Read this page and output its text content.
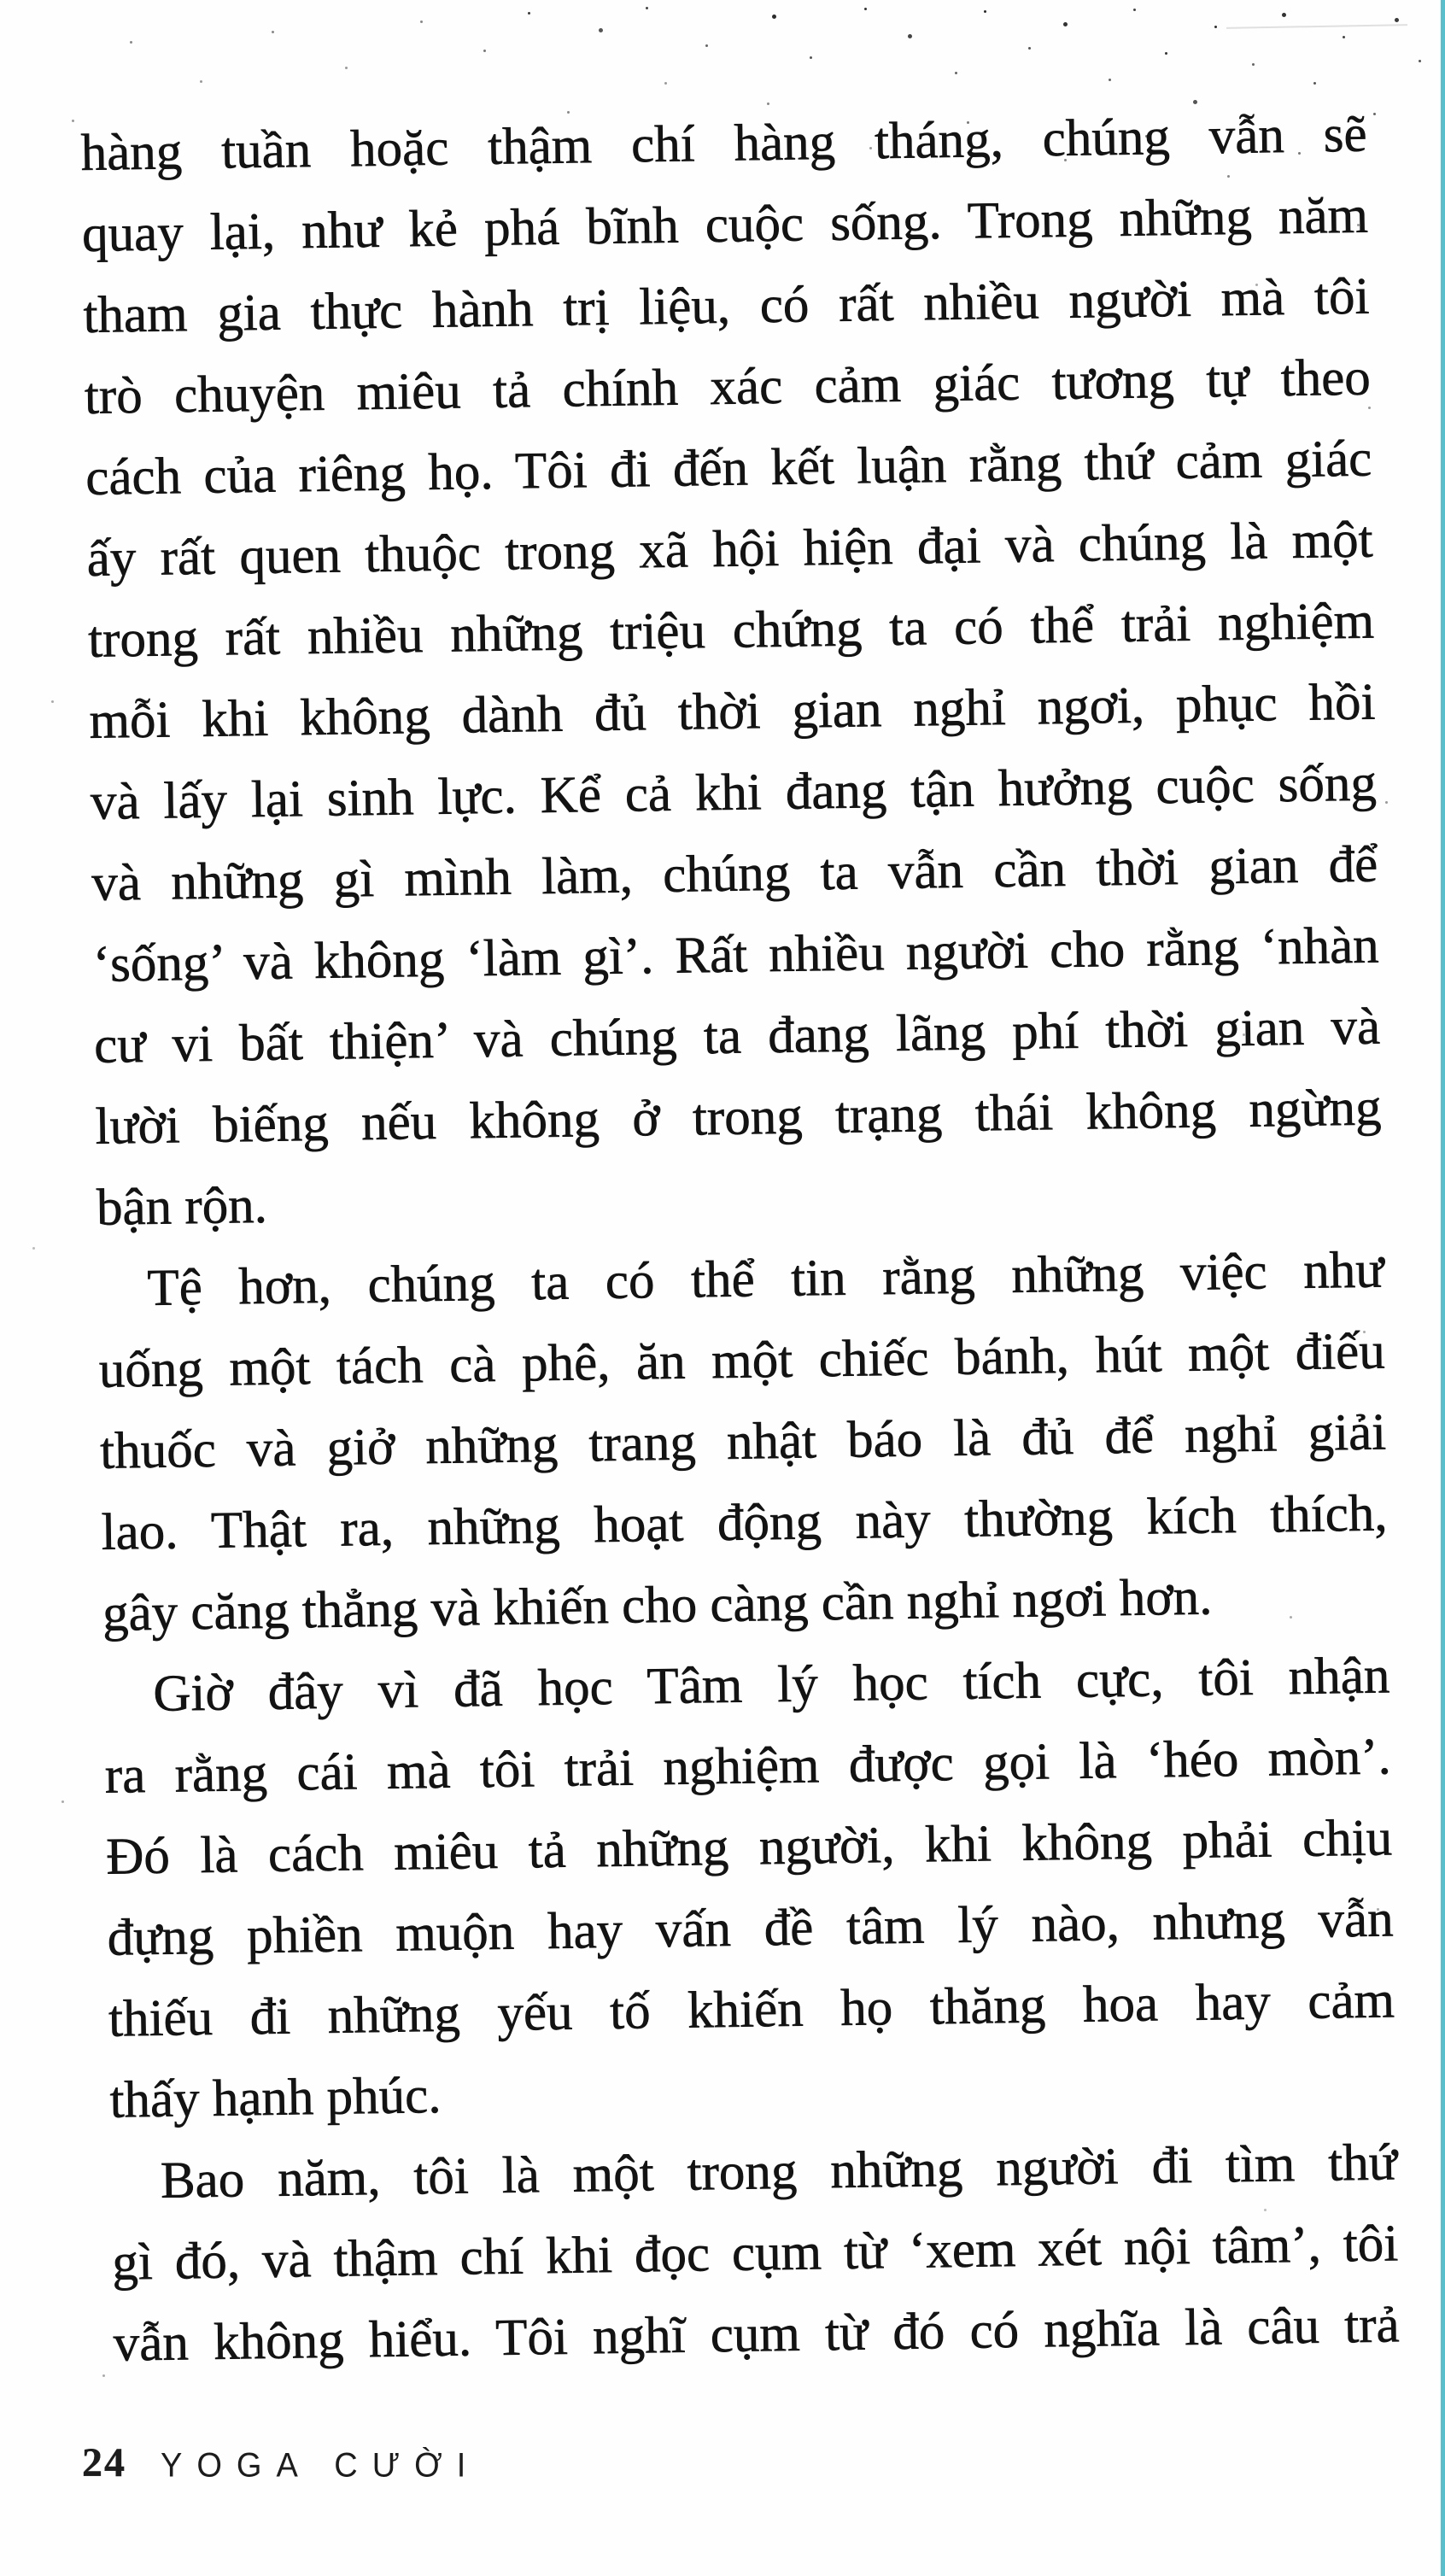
hàng tuần hoặc thậm chí hàng tháng, chúng vẫn sẽ
quay lại, như kẻ phá bĩnh cuộc sống. Trong những năm
tham gia thực hành trị liệu, có rất nhiều người mà tôi
trò chuyện miêu tả chính xác cảm giác tương tự theo
cách của riêng họ. Tôi đi đến kết luận rằng thứ cảm giác
ấy rất quen thuộc trong xã hội hiện đại và chúng là một
trong rất nhiều những triệu chứng ta có thể trải nghiệm
mỗi khi không dành đủ thời gian nghỉ ngơi, phục hồi
và lấy lại sinh lực. Kể cả khi đang tận hưởng cuộc sống
và những gì mình làm, chúng ta vẫn cần thời gian để
‘sống’ và không ‘làm gì’. Rất nhiều người cho rằng ‘nhàn
cư vi bất thiện’ và chúng ta đang lãng phí thời gian và
lười biếng nếu không ở trong trạng thái không ngừng
bận rộn.
Tệ hơn, chúng ta có thể tin rằng những việc như
uống một tách cà phê, ăn một chiếc bánh, hút một điếu
thuốc và giở những trang nhật báo là đủ để nghỉ giải
lao. Thật ra, những hoạt động này thường kích thích,
gây căng thẳng và khiến cho càng cần nghỉ ngơi hơn.
Giờ đây vì đã học Tâm lý học tích cực, tôi nhận
ra rằng cái mà tôi trải nghiệm được gọi là ‘héo mòn’.
Đó là cách miêu tả những người, khi không phải chịu
đựng phiền muộn hay vấn đề tâm lý nào, nhưng vẫn
thiếu đi những yếu tố khiến họ thăng hoa hay cảm
thấy hạnh phúc.
Bao năm, tôi là một trong những người đi tìm thứ
gì đó, và thậm chí khi đọc cụm từ ‘xem xét nội tâm’, tôi
vẫn không hiểu. Tôi nghĩ cụm từ đó có nghĩa là câu trả
24 YOGA CƯỜI
